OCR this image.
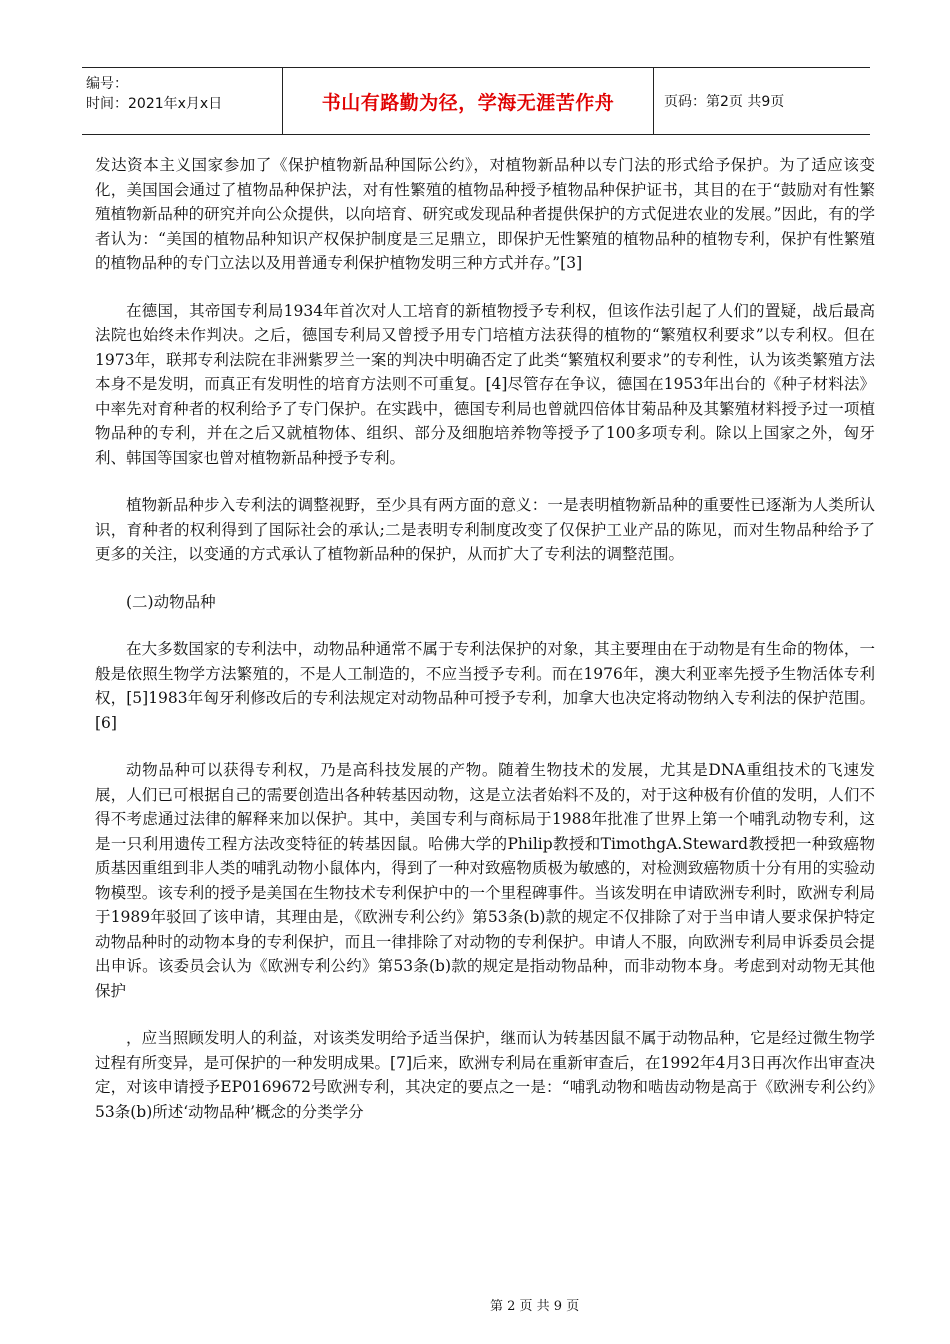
编号：
时间：2021年x月x日	书山有路勤为径，学海无涯苦作舟	页码：第2页 共9页

发达资本主义国家参加了《保护植物新品种国际公约》，对植物新品种以专门法的形式给予保护。为了适应该变化，美国国会通过了植物品种保护法，对有性繁殖的植物品种授予植物品种保护证书，其目的在于“鼓励对有性繁殖植物新品种的研究并向公众提供，以向培育、研究或发现品种者提供保护的方式促进农业的发展。”因此，有的学者认为：“美国的植物品种知识产权保护制度是三足鼎立，即保护无性繁殖的植物品种的植物专利，保护有性繁殖的植物品种的专门立法以及用普通专利保护植物发明三种方式并存。”[3]

在德国，其帝国专利局1934年首次对人工培育的新植物授予专利权，但该作法引起了人们的置疑，战后最高法院也始终未作判决。之后，德国专利局又曾授予用专门培植方法获得的植物的“繁殖权利要求”以专利权。但在1973年，联邦专利法院在非洲紫罗兰一案的判决中明确否定了此类“繁殖权利要求”的专利性，认为该类繁殖方法本身不是发明，而真正有发明性的培育方法则不可重复。[4]尽管存在争议，德国在1953年出台的《种子材料法》中率先对育种者的权利给予了专门保护。在实践中，德国专利局也曾就四倍体甘菊品种及其繁殖材料授予过一项植物品种的专利，并在之后又就植物体、组织、部分及细胞培养物等授予了100多项专利。除以上国家之外，匈牙利、韩国等国家也曾对植物新品种授予专利。

植物新品种步入专利法的调整视野，至少具有两方面的意义：一是表明植物新品种的重要性已逐渐为人类所认识，育种者的权利得到了国际社会的承认;二是表明专利制度改变了仅保护工业产品的陈见，而对生物品种给予了更多的关注，以变通的方式承认了植物新品种的保护，从而扩大了专利法的调整范围。

(二)动物品种

在大多数国家的专利法中，动物品种通常不属于专利法保护的对象，其主要理由在于动物是有生命的物体，一般是依照生物学方法繁殖的，不是人工制造的，不应当授予专利。而在1976年，澳大利亚率先授予生物活体专利权，[5]1983年匈牙利修改后的专利法规定对动物品种可授予专利，加拿大也决定将动物纳入专利法的保护范围。[6]

动物品种可以获得专利权，乃是高科技发展的产物。随着生物技术的发展，尤其是DNA重组技术的飞速发展，人们已可根据自己的需要创造出各种转基因动物，这是立法者始料不及的，对于这种极有价值的发明，人们不得不考虑通过法律的解释来加以保护。其中，美国专利与商标局于1988年批准了世界上第一个哺乳动物专利，这是一只利用遗传工程方法改变特征的转基因鼠。哈佛大学的Philip教授和TimothgA.Steward教授把一种致癌物质基因重组到非人类的哺乳动物小鼠体内，得到了一种对致癌物质极为敏感的，对检测致癌物质十分有用的实验动物模型。该专利的授予是美国在生物技术专利保护中的一个里程碑事件。当该发明在申请欧洲专利时，欧洲专利局于1989年驳回了该申请，其理由是，《欧洲专利公约》第53条(b)款的规定不仅排除了对于当申请人要求保护特定动物品种时的动物本身的专利保护，而且一律排除了对动物的专利保护。申请人不服，向欧洲专利局申诉委员会提出申诉。该委员会认为《欧洲专利公约》第53条(b)款的规定是指动物品种，而非动物本身。考虑到对动物无其他保护

，应当照顾发明人的利益，对该类发明给予适当保护，继而认为转基因鼠不属于动物品种，它是经过微生物学过程有所变异，是可保护的一种发明成果。[7]后来，欧洲专利局在重新审查后，在1992年4月3日再次作出审查决定，对该申请授予EP0169672号欧洲专利，其决定的要点之一是：“哺乳动物和啮齿动物是高于《欧洲专利公约》53条(b)所述‘动物品种’概念的分类学分

第 2 页 共 9 页
